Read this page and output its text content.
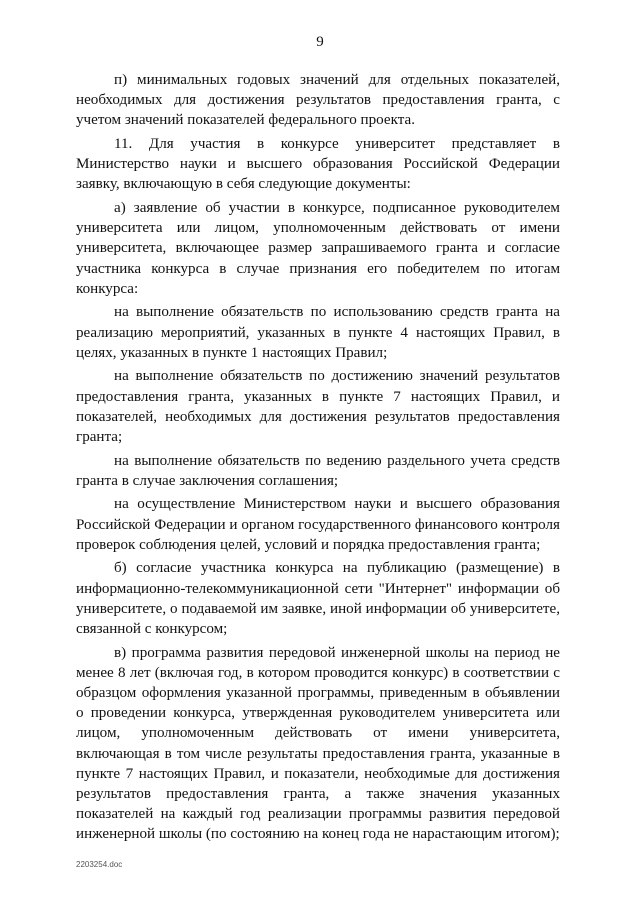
9

п) минимальных годовых значений для отдельных показателей, необходимых для достижения результатов предоставления гранта, с учетом значений показателей федерального проекта.

11. Для участия в конкурсе университет представляет в Министерство науки и высшего образования Российской Федерации заявку, включающую в себя следующие документы:

а) заявление об участии в конкурсе, подписанное руководителем университета или лицом, уполномоченным действовать от имени университета, включающее размер запрашиваемого гранта и согласие участника конкурса в случае признания его победителем по итогам конкурса:

на выполнение обязательств по использованию средств гранта на реализацию мероприятий, указанных в пункте 4 настоящих Правил, в целях, указанных в пункте 1 настоящих Правил;

на выполнение обязательств по достижению значений результатов предоставления гранта, указанных в пункте 7 настоящих Правил, и показателей, необходимых для достижения результатов предоставления гранта;

на выполнение обязательств по ведению раздельного учета средств гранта в случае заключения соглашения;

на осуществление Министерством науки и высшего образования Российской Федерации и органом государственного финансового контроля проверок соблюдения целей, условий и порядка предоставления гранта;

б) согласие участника конкурса на публикацию (размещение) в информационно-телекоммуникационной сети "Интернет" информации об университете, о подаваемой им заявке, иной информации об университете, связанной с конкурсом;

в) программа развития передовой инженерной школы на период не менее 8 лет (включая год, в котором проводится конкурс) в соответствии с образцом оформления указанной программы, приведенным в объявлении о проведении конкурса, утвержденная руководителем университета или лицом, уполномоченным действовать от имени университета, включающая в том числе результаты предоставления гранта, указанные в пункте 7 настоящих Правил, и показатели, необходимые для достижения результатов предоставления гранта, а также значения указанных показателей на каждый год реализации программы развития передовой инженерной школы (по состоянию на конец года не нарастающим итогом);

2203254.doc
